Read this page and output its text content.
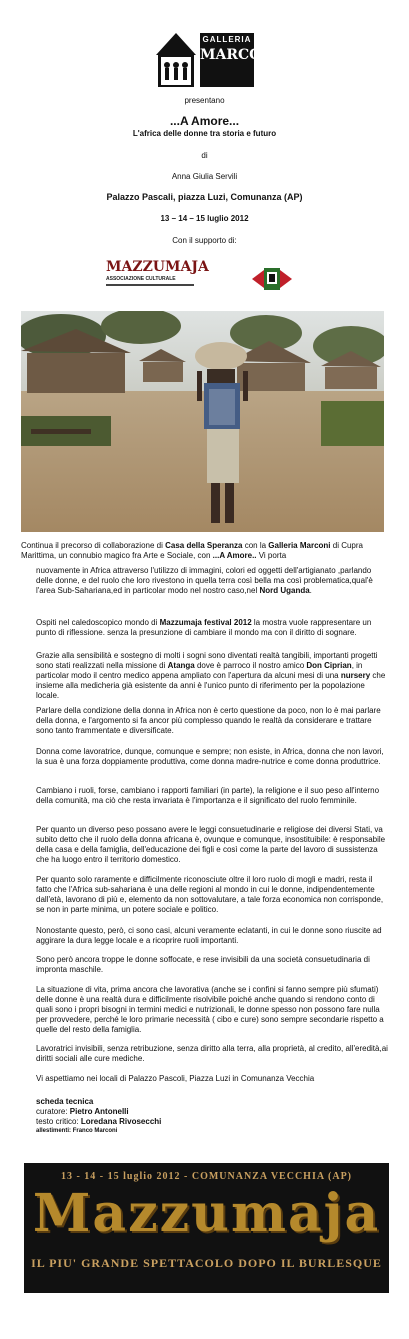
GALLERIA
MARCONI
presentano
...A Amore...
L'africa delle donne tra storia e futuro
di
Anna Giulia Servili
Palazzo Pascali, piazza Luzi, Comunanza (AP)
13 – 14 – 15 luglio 2012
Con il supporto di:
MAZZUMAJA
ASSOCIAZIONE CULTURALE
Continua il precorso di collaborazione di Casa della Speranza con la Galleria Marconi di Cupra Marittima, un connubio magico fra Arte e Sociale, con ...A Amore.. Vi porta

nuovamente in Africa attraverso l'utilizzo di immagini, colori ed oggetti dell'artigianato ,parlando delle donne, e del ruolo che loro rivestono in quella terra così bella ma così problematica,qual'è l'area Sub-Sahariana,ed in particolar modo nel nostro caso,nel Nord Uganda.

Ospiti nel caledoscopico mondo di Mazzumaja festival 2012 la mostra vuole rappresentare un punto di riflessione. senza la presunzione di cambiare il mondo ma con il diritto di sognare.

Grazie alla sensibilità e sostegno di molti i sogni sono diventati realtà tangibili, importanti progetti sono stati realizzati nella missione di Atanga dove è parroco il nostro amico Don Ciprian, in particolar modo il centro medico appena ampliato con l'apertura da alcuni mesi di una nursery che insieme alla medicheria già esistente da anni è l'unico punto di riferimento per la popolazione locale.

Parlare della condizione della donna in Africa non è certo questione da poco, non lo è mai parlare della donna, e l'argomento si fa ancor più complesso quando le realtà da considerare e trattare sono tanto frammentate e diversificate.
Donna come lavoratrice, dunque, comunque e sempre; non esiste, in Africa, donna che non lavori, la sua è una forza doppiamente produttiva, come donna madre-nutrice e come donna produttrice.
Cambiano i ruoli, forse, cambiano i rapporti familiari (in parte), la religione e il suo peso all'interno della comunità, ma ciò che resta invariata è l'importanza e il significato del ruolo femminile.
Per quanto un diverso peso possano avere le leggi consuetudinarie e religiose dei diversi Stati, va subito detto che il ruolo della donna africana è, ovunque e comunque, insostituibile: è responsabile della casa e della famiglia, dell'educazione dei figli e così come la parte del lavoro di sussistenza che ha luogo entro il territorio domestico.
Per quanto solo raramente e difficilmente riconosciute oltre il loro ruolo di mogli e madri, resta il fatto che l'Africa sub-sahariana è una delle regioni al mondo in cui le donne, indipendentemente dall'età, lavorano di più e, elemento da non sottovalutare, a tale forza economica non corrisponde, se non in parte minima, un potere sociale e politico.
Nonostante questo, però, ci sono casi, alcuni veramente eclatanti, in cui le donne sono riuscite ad aggirare la dura legge locale e a ricoprire ruoli importanti.
Sono però ancora troppe le donne soffocate, e rese invisibili da una società consuetudinaria di impronta maschile.
La situazione di vita, prima ancora che lavorativa (anche se i confini si fanno sempre più sfumati) delle donne è una realtà dura e difficilmente risolvibile poiché anche quando si rendono conto di quali sono i propri bisogni in termini medici e nutrizionali, le donne spesso non possono fare nulla per provvedere, perché le loro primarie necessità ( cibo e cure) sono sempre secondarie rispetto a quelle del resto della famiglia.
Lavoratrici invisibili, senza retribuzione, senza diritto alla terra, alla proprietà, al credito, all'eredità,ai diritti sociali alle cure mediche.
Vi aspettiamo nei locali di Palazzo Pascoli, Piazza Luzi in Comunanza Vecchia
scheda tecnica
curatore: Pietro Antonelli
testo critico: Loredana Rivosecchi
allestimenti: Franco Marconi
13 - 14 - 15 luglio 2012 - COMUNANZA VECCHIA (AP)
Mazzumaja
IL PIU' GRANDE SPETTACOLO DOPO IL BURLESQUE
